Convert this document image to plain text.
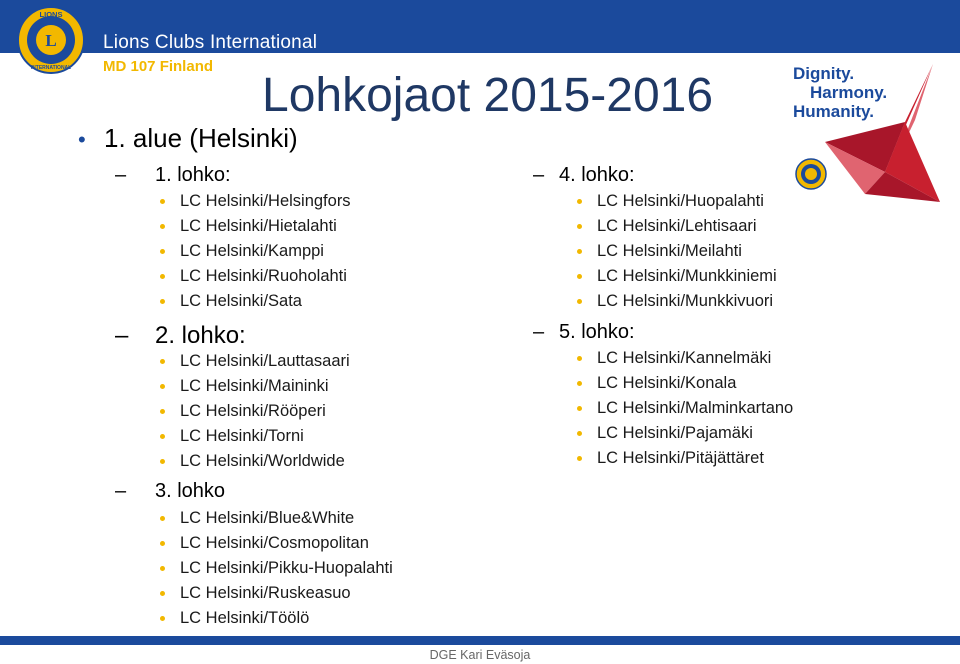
L
LIONS
INTERNATIONAL
Lions Clubs International
MD 107 Finland
Lohkojaot 2015-2016	Dignity.
Harmony.
Humanity.
• 1. alue (Helsinki)
– 1. lohko:
LC Helsinki/Helsingfors
LC Helsinki/Hietalahti
LC Helsinki/Kamppi
LC Helsinki/Ruoholahti
LC Helsinki/Sata
– 2. lohko:
LC Helsinki/Lauttasaari
LC Helsinki/Maininki
LC Helsinki/Rööperi
LC Helsinki/Torni
LC Helsinki/Worldwide
– 3. lohko
LC Helsinki/Blue&White
LC Helsinki/Cosmopolitan
LC Helsinki/Pikku-Huopalahti
LC Helsinki/Ruskeasuo
LC Helsinki/Töölö
– 4. lohko:
LC Helsinki/Huopalahti
LC Helsinki/Lehtisaari
LC Helsinki/Meilahti
LC Helsinki/Munkkiniemi
LC Helsinki/Munkkivuori
– 5. lohko:
LC Helsinki/Kannelmäki
LC Helsinki/Konala
LC Helsinki/Malminkartano
LC Helsinki/Pajamäki
LC Helsinki/Pitäjättäret
DGE Kari Eväsoja
